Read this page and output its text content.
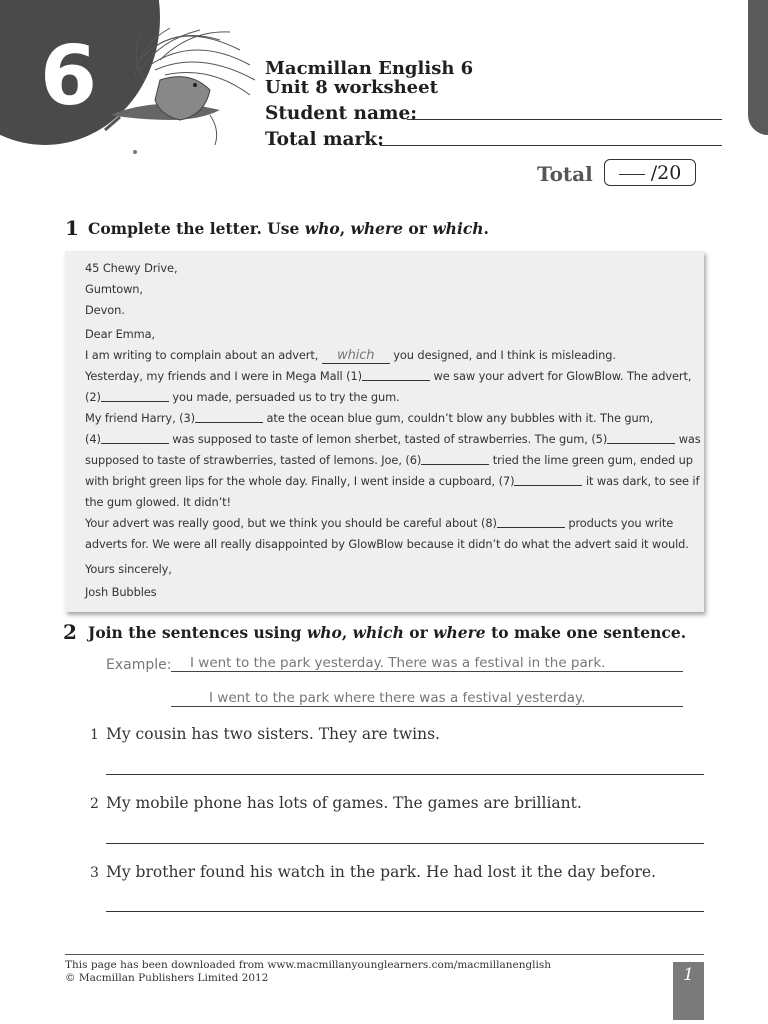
6	Macmillan English 6
Unit 8 worksheet
Student name:
Total mark:
Total	/20
1 Complete the letter. Use who, where or which.
45 Chewy Drive,
Gumtown,
Devon.
Dear Emma,
I am writing to complain about an advert, which you designed, and I think is misleading.
Yesterday, my friends and I were in Mega Mall (1)	we saw your advert for GlowBlow. The advert,
(2)	you made, persuaded us to try the gum.
My friend Harry, (3)	ate the ocean blue gum, couldn’t blow any bubbles with it. The gum,
(4)	was supposed to taste of lemon sherbet, tasted of strawberries. The gum, (5)	was
supposed to taste of strawberries, tasted of lemons. Joe, (6)	tried the lime green gum, ended up
with bright green lips for the whole day. Finally, I went inside a cupboard, (7)	it was dark, to see if
the gum glowed. It didn’t!
Your advert was really good, but we think you should be careful about (8)	products you write
adverts for. We were all really disappointed by GlowBlow because it didn’t do what the advert said it would.
Yours sincerely,
Josh Bubbles
2 Join the sentences using who, which or where to make one sentence.
Example: I went to the park yesterday. There was a festival in the park.
I went to the park where there was a festival yesterday.
1 My cousin has two sisters. They are twins.
2 My mobile phone has lots of games. The games are brilliant.
3 My brother found his watch in the park. He had lost it the day before.
This page has been downloaded from www.macmillanyounglearners.com/macmillanenglish
© Macmillan Publishers Limited 2012	1
